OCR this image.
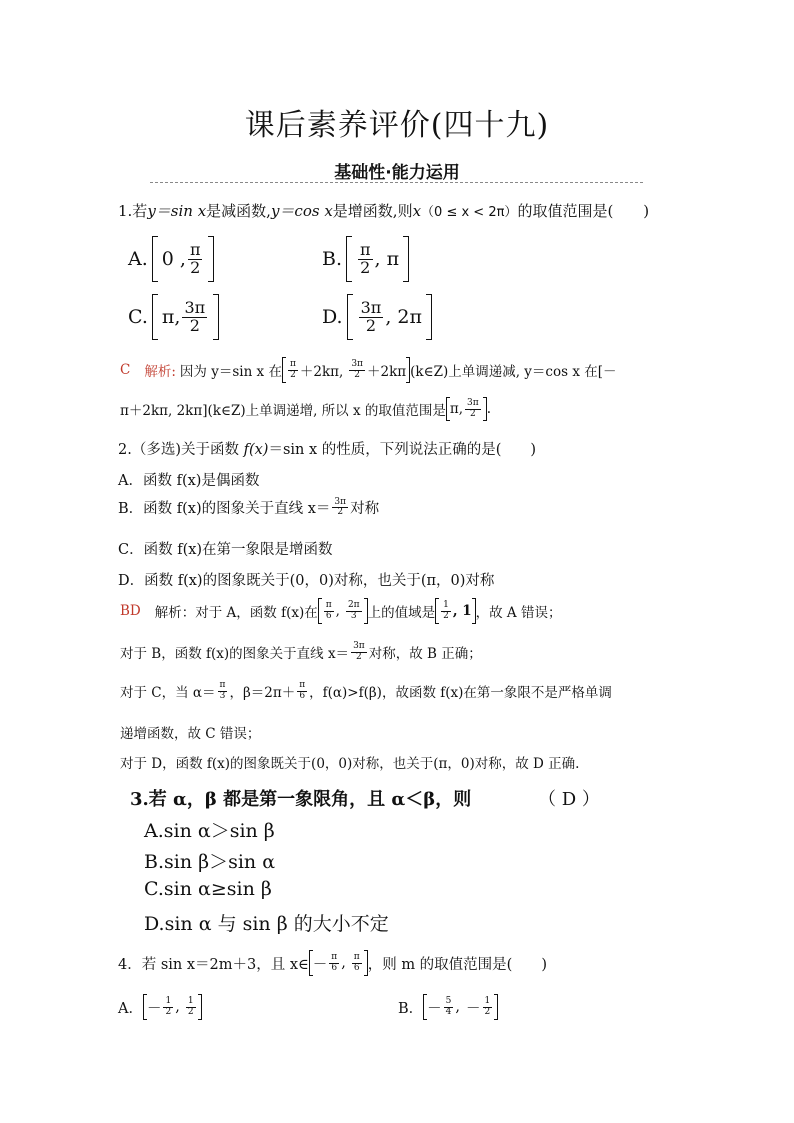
课后素养评价(四十九)
基础性·能力运用
1.若y＝sin x是减函数,y＝cos x是增函数,则x（0 ≤ x < 2π）的取值范围是(　　)
A. 0 , $\frac{\pi}{2}$	B. $\frac{\pi}{2}$ , π
C. π, $\frac{3\pi}{2}$	D. $\frac{3\pi}{2}$ , 2π
C 解析: 因为 y＝sin x 在 $\frac{\pi}{2} +2k\pi$, $\frac{3\pi}{2} +2k\pi$ (k∈Z)上单调递减, y＝cos x 在[－
π＋2kπ, 2kπ](k∈Z)上单调递增, 所以 x 的取值范围是 π, $\frac{3\pi}{2}$ .
2.（多选)关于函数 f(x)＝sin x 的性质，下列说法正确的是(　　)
A．函数 f(x)是偶函数
B．函数 f(x)的图象关于直线 $x= \frac{3\pi}{2}$ 对称
C．函数 f(x)在第一象限是增函数
D．函数 f(x)的图象既关于(0，0)对称，也关于(π，0)对称
BD 解析：对于 A，函数 f(x)在 $\frac{\pi}{6}$ , $\frac{2\pi}{3}$ 上的值域是 $\frac{1}{2}$ , 1 ，故 A 错误；
对于 B，函数 f(x)的图象关于直线 $x= \frac{3\pi}{2}$ 对称，故 B 正确；
对于 C，当 $\alpha= \frac{\pi}{3}$ ，$\beta=2\pi+ \frac{\pi}{6}$ ，f(α)>f(β)，故函数 f(x)在第一象限不是严格单调
递增函数，故 C 错误；
对于 D，函数 f(x)的图象既关于(0，0)对称，也关于(π，0)对称，故 D 正确.
3.若 α，β 都是第一象限角，且 α＜β，则	（ D ）
A.sin α＞sin β
B.sin β＞sin α
C.sin α≥sin β
D.sin α 与 sin β 的大小不定
4．若 sin x＝2m＋3，且 x∈ － $\frac{\pi}{6}$ , $\frac{\pi}{6}$ ，则 m 的取值范围是(　　)
A． － $\frac{1}{2}$ , $\frac{1}{2}$	B． － $\frac{5}{4}$ , － $\frac{1}{2}$
